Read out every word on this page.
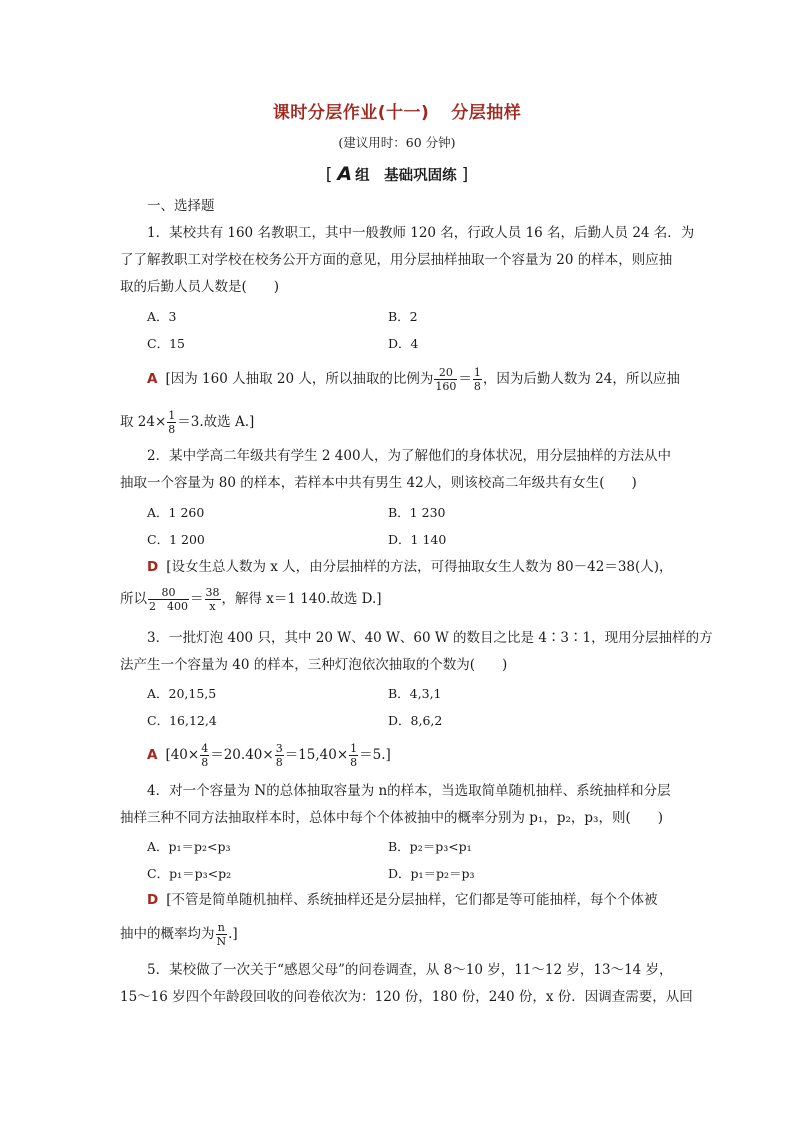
课时分层作业(十一) 分层抽样
(建议用时：60 分钟)
[ A 组　基础巩固练 ]
一、选择题
1．某校共有 160 名教职工，其中一般教师 120 名，行政人员 16 名，后勤人员 24 名．为
了了解教职工对学校在校务公开方面的意见，用分层抽样抽取一个容量为 20 的样本，则应抽
取的后勤人员人数是(　　)
A．3	B．2
C．15	D．4
A [因为 160 人抽取 20 人，所以抽取的比例为 $\frac{20}{160} = \frac{1}{8}$ ，因为后勤人数为 24，所以应抽
取 $24\times \frac{1}{8} =3$.故选 A.]
2．某中学高二年级共有学生 2 400人，为了解他们的身体状况，用分层抽样的方法从中
抽取一个容量为 80 的样本，若样本中共有男生 42人，则该校高二年级共有女生(　　)
A．1 260	B．1 230
C．1 200	D．1 140
D [设女生总人数为 x 人，由分层抽样的方法，可得抽取女生人数为 80－42＝38(人)，
所以 $\frac{80}{2 400} = \frac{38}{x}$ ，解得 x＝1 140.故选 D.]
3．一批灯泡 400 只，其中 20 W、40 W、60 W 的数目之比是 4∶3∶1，现用分层抽样的方
法产生一个容量为 40 的样本，三种灯泡依次抽取的个数为(　　)
A．20,15,5	B．4,3,1
C．16,12,4	D．8,6,2
A $[40\times \frac{4}{8} =20.40\times \frac{3}{8} =15,40\times \frac{1}{8} =5.]$
4．对一个容量为 N的总体抽取容量为 n的样本，当选取简单随机抽样、系统抽样和分层
抽样三种不同方法抽取样本时，总体中每个个体被抽中的概率分别为 p₁，p₂，p₃，则(　　)
A．p₁＝p₂<p₃	B．p₂＝p₃<p₁
C．p₁＝p₃<p₂	D．p₁＝p₂＝p₃
D [不管是简单随机抽样、系统抽样还是分层抽样，它们都是等可能抽样，每个个体被
抽中的概率均为 $\frac{n}{N}$ .]
5．某校做了一次关于“感恩父母”的问卷调查，从 8～10 岁，11～12 岁，13～14 岁，
15～16 岁四个年龄段回收的问卷依次为：120 份，180 份，240 份，x 份．因调查需要，从回
